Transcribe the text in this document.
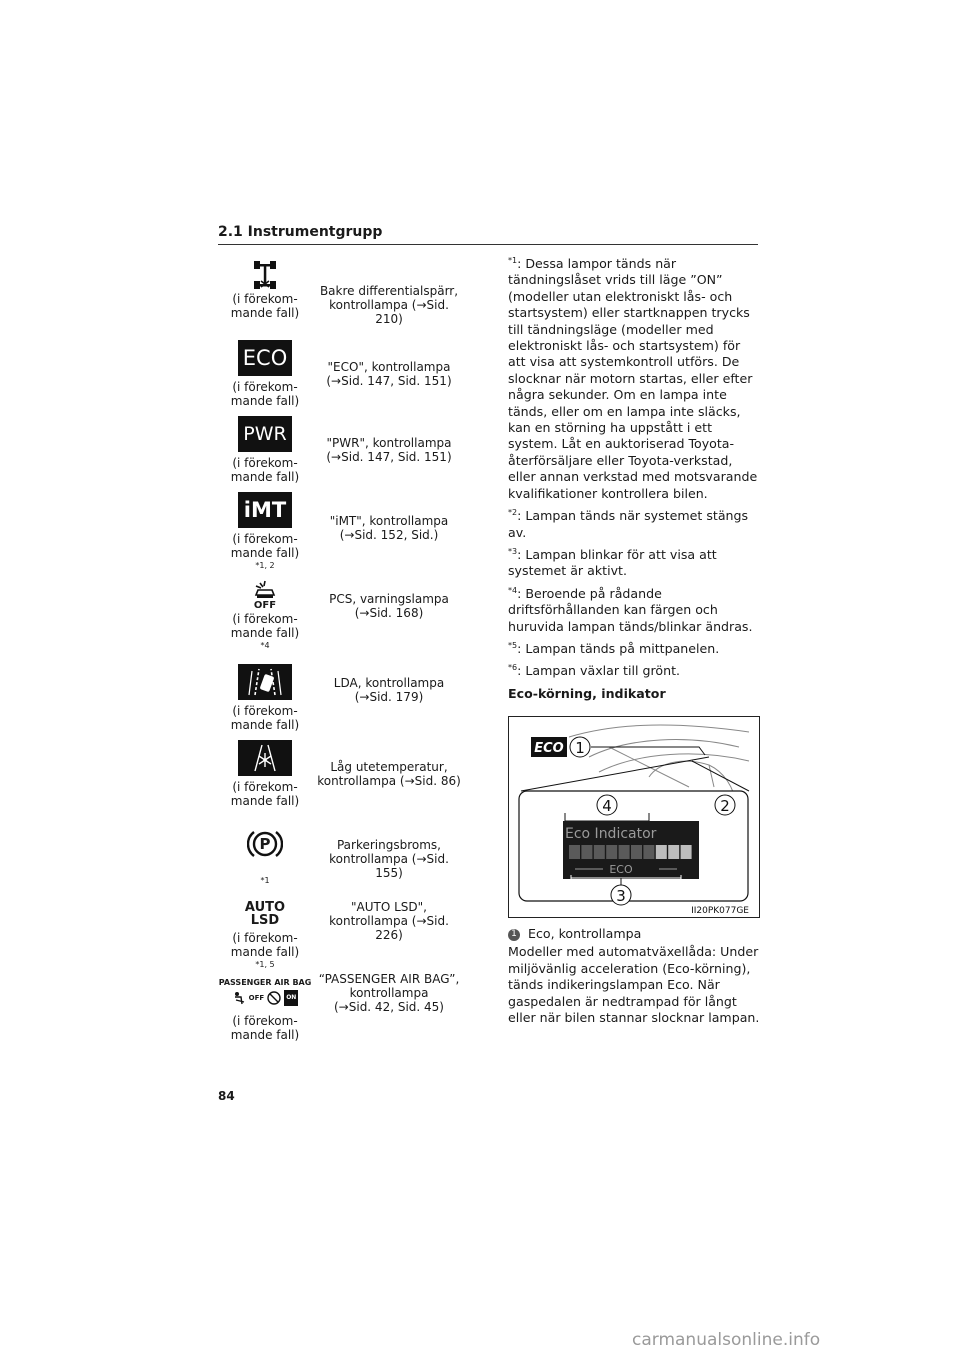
2.1 Instrumentgrupp
(i förekom-
mande fall)
Bakre differentialspärr,
kontrollampa (→Sid. 210)
ECO
(i förekom-
mande fall)
"ECO", kontrollampa
(→Sid. 147, Sid. 151)
PWR
(i förekom-
mande fall)
"PWR", kontrollampa
(→Sid. 147, Sid. 151)
iMT
(i förekom-
mande fall)
*1, 2
"iMT", kontrollampa
(→Sid. 152, Sid.)
OFF
(i förekom-
mande fall)
*4
PCS, varningslampa
(→Sid. 168)
(i förekom-
mande fall)
LDA, kontrollampa
(→Sid. 179)
(i förekom-
mande fall)
Låg utetemperatur,
kontrollampa (→Sid. 86)
P
*1
Parkeringsbroms,
kontrollampa (→Sid. 155)
AUTO
LSD
(i förekom-
mande fall)
*1, 5
"AUTO LSD",
kontrollampa (→Sid. 226)
PASSENGER AIR BAG
OFF	ON
(i förekom-
mande fall)
“PASSENGER AIR BAG”,
kontrollampa
(→Sid. 42, Sid. 45)

$^{*1}$: Dessa lampor tänds när tändningslåset vrids till läge ”ON” (modeller utan elektroniskt lås- och startsystem) eller startknappen trycks till tändningsläge (modeller med elektroniskt lås- och startsystem) för att visa att systemkontroll utförs. De slocknar när motorn startas, eller efter några sekunder. Om en lampa inte tänds, eller om en lampa inte släcks, kan en störning ha uppstått i ett system. Låt en auktoriserad Toyota-återförsäljare eller Toyota-verkstad, eller annan verkstad med motsvarande kvalifikationer kontrollera bilen.

$^{*2}$: Lampan tänds när systemet stängs av.

$^{*3}$: Lampan blinkar för att visa att systemet är aktivt.

$^{*4}$: Beroende på rådande driftsförhållanden kan färgen och huruvida lampan tänds/blinkar ändras.

$^{*5}$: Lampan tänds på mittpanelen.

$^{*6}$: Lampan växlar till grönt.

Eco-körning, indikator

ECO 1
4	2
Eco Indicator
ECO
3
II20PK077GE

1 Eco, kontrollampa

Modeller med automatväxellåda: Under miljövänlig acceleration (Eco-körning), tänds indikeringslampan Eco. När gaspedalen är nedtrampad för långt eller när bilen stannar slocknar lampan.

84
carmanualsonline.info
